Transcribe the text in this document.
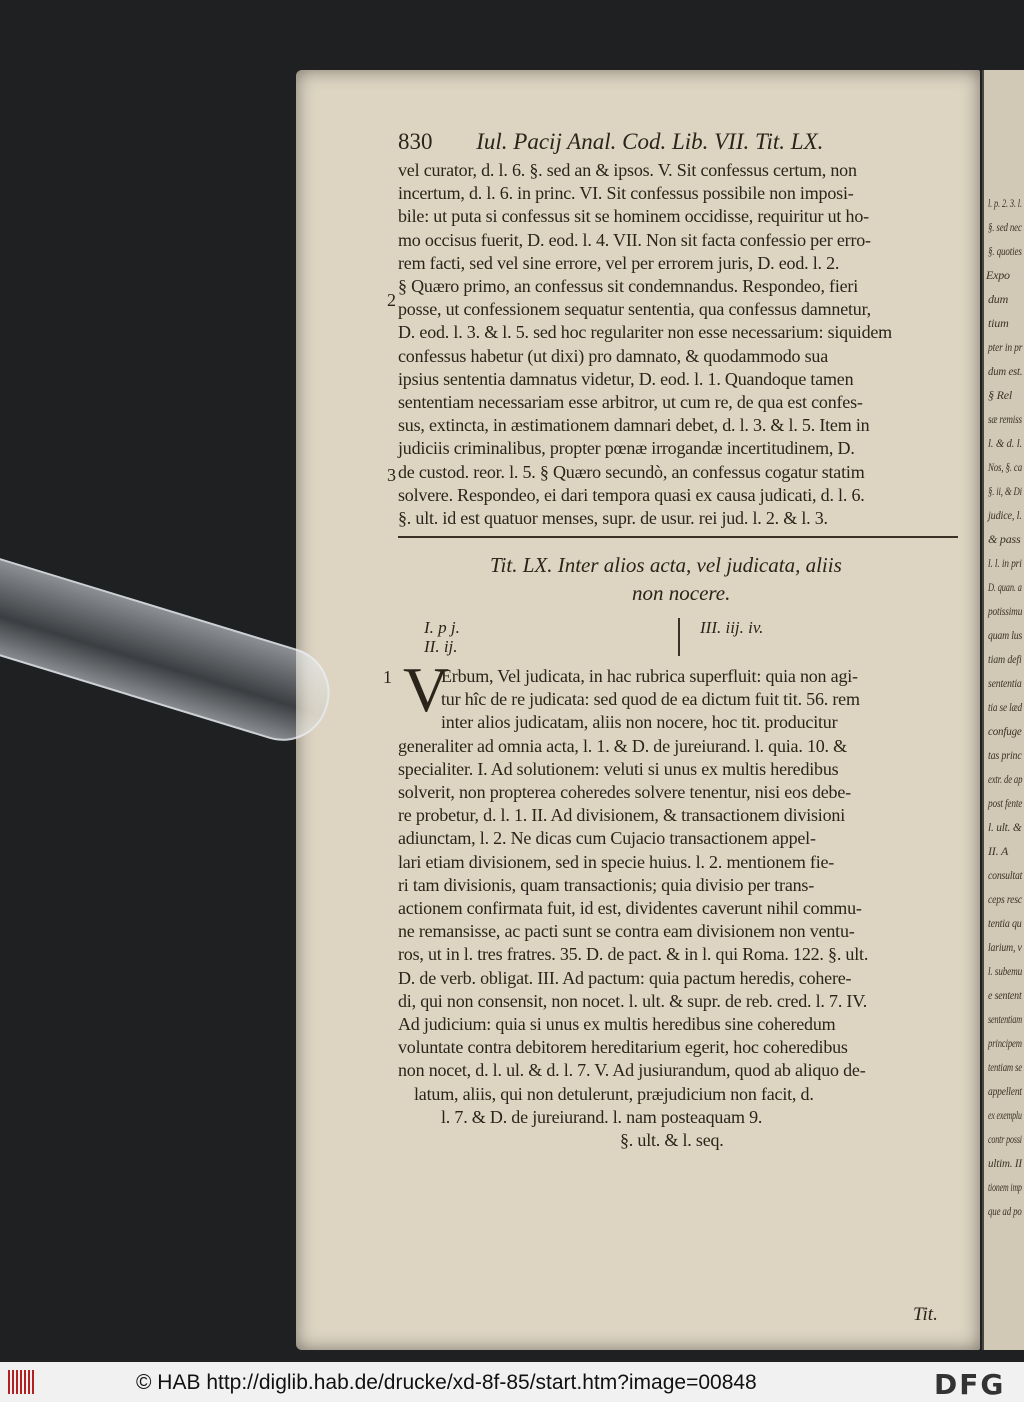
830 Iul. Pacij Anal. Cod. Lib. VII. Tit. LX.
vel curator, d. l. 6. §. sed an & ipsos. V. Sit confessus certum, non
incertum, d. l. 6. in princ. VI. Sit confessus possibile non imposi-
bile: ut puta si confessus sit se hominem occidisse, requiritur ut ho-
mo occisus fuerit, D. eod. l. 4. VII. Non sit facta confessio per erro-
rem facti, sed vel sine errore, vel per errorem juris, D. eod. l. 2.
§ Quæro primo, an confessus sit condemnandus. Respondeo, fieri
posse, ut confessionem sequatur sententia, qua confessus damnetur,
D. eod. l. 3. & l. 5. sed hoc regulariter non esse necessarium: siquidem
confessus habetur (ut dixi) pro damnato, & quodammodo sua
ipsius sententia damnatus videtur, D. eod. l. 1. Quandoque tamen
sententiam necessariam esse arbitror, ut cum re, de qua est confes-
sus, extincta, in æstimationem damnari debet, d. l. 3. & l. 5. Item in
judiciis criminalibus, propter pœnæ irrogandæ incertitudinem, D.
de custod. reor. l. 5. § Quæro secundò, an confessus cogatur statim
solvere. Respondeo, ei dari tempora quasi ex causa judicati, d. l. 6.
§. ult. id est quatuor menses, supr. de usur. rei jud. l. 2. & l. 3.
2
3
Tit. LX. Inter alios acta, vel judicata, aliis
non nocere.
I. p j.
II. ij.
III. iij. iv.
1 V
Erbum, Vel judicata, in hac rubrica superfluit: quia non agi-
tur hîc de re judicata: sed quod de ea dictum fuit tit. 56. rem
inter alios judicatam, aliis non nocere, hoc tit. producitur
generaliter ad omnia acta, l. 1. & D. de jureiurand. l. quia. 10. &
specialiter. I. Ad solutionem: veluti si unus ex multis heredibus
solverit, non propterea coheredes solvere tenentur, nisi eos debe-
re probetur, d. l. 1. II. Ad divisionem, & transactionem divisioni
adiunctam, l. 2. Ne dicas cum Cujacio transactionem appel-
lari etiam divisionem, sed in specie huius. l. 2. mentionem fie-
ri tam divisionis, quam transactionis; quia divisio per trans-
actionem confirmata fuit, id est, dividentes caverunt nihil commu-
ne remansisse, ac pacti sunt se contra eam divisionem non ventu-
ros, ut in l. tres fratres. 35. D. de pact. & in l. qui Roma. 122. §. ult.
D. de verb. obligat. III. Ad pactum: quia pactum heredis, cohere-
di, qui non consensit, non nocet. l. ult. & supr. de reb. cred. l. 7. IV.
Ad judicium: quia si unus ex multis heredibus sine coheredum
voluntate contra debitorem hereditarium egerit, hoc coheredibus
non nocet, d. l. ul. & d. l. 7. V. Ad jusiurandum, quod ab aliquo de-
latum, aliis, qui non detulerunt, præjudicium non facit, d.
l. 7. & D. de jureiurand. l. nam posteaquam 9.
§. ult. & l. seq.
Tit.
l. p. 2. 3. l.
§. sed nec
§. quoties
Expo
dum
tium
pter in pr
dum est.
§ Rel
sæ remiss
l. & d. l.
Nos, §. ca
§. ii, & Di
judice, l.
& pass
l. l. in pri
D. quan. a
potissimu
quam lus
tiam defi
sententia
tia se læd
confuge
tas princ
extr. de ap
post fente
l. ult. &
II. A
consultat
ceps resc
tentia qu
larium, v
l. subemu
e sentent
sententiam
principem
tentiam se
appellent
ex exemplu
contr possi
ultim. II
tionem imp
que ad po
© HAB http://diglib.hab.de/drucke/xd-8f-85/start.htm?image=00848	DFG
